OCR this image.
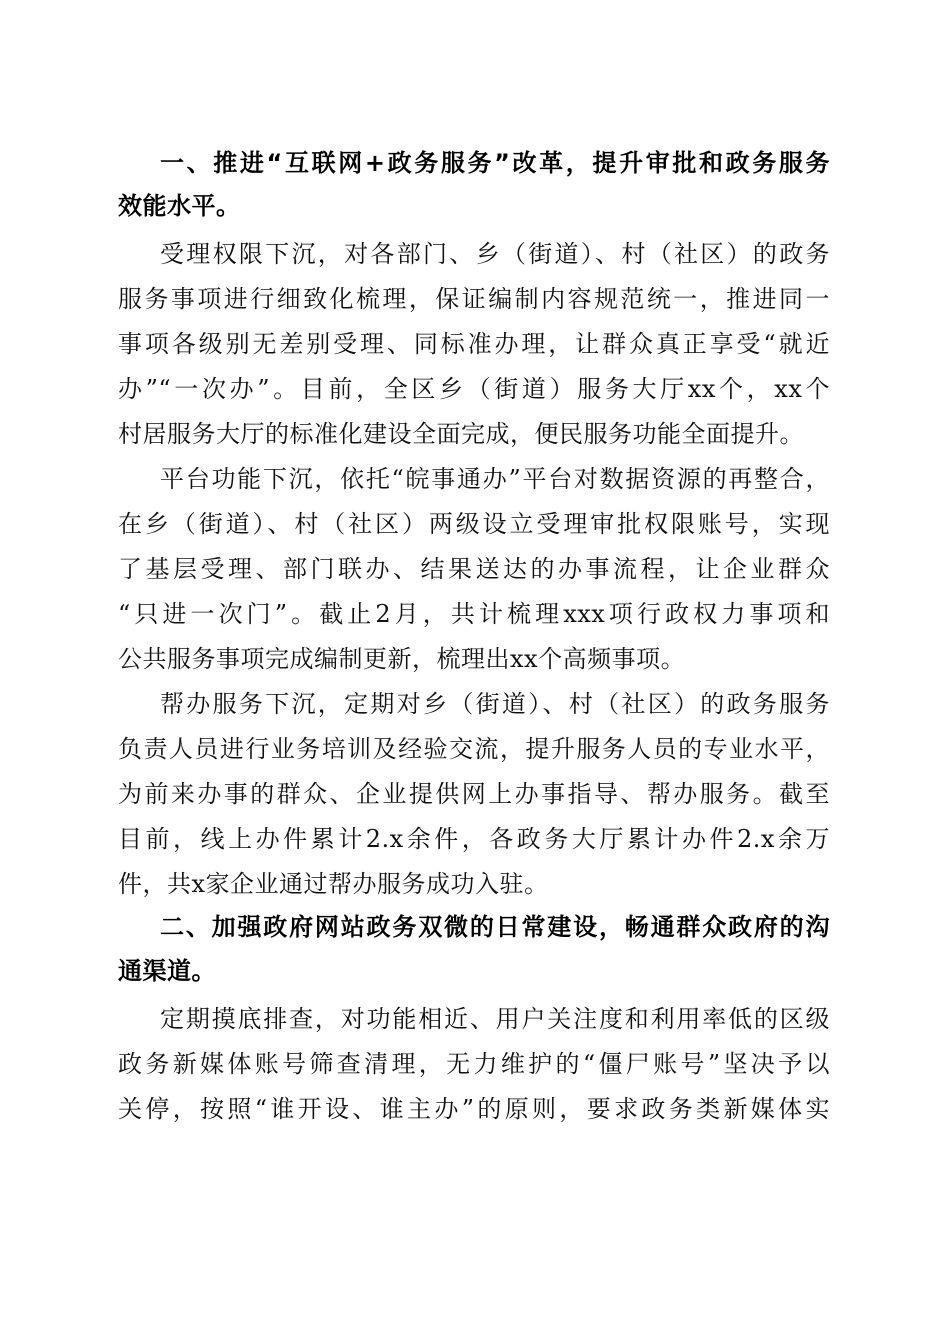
一、推进“互联网+政务服务”改革，提升审批和政务服务
效能水平。
受理权限下沉，对各部门、乡（街道）、村（社区）的政务
服务事项进行细致化梳理，保证编制内容规范统一，推进同一
事项各级别无差别受理、同标准办理，让群众真正享受“就近
办”“一次办”。目前，全区乡（街道）服务大厅xx个，xx个
村居服务大厅的标准化建设全面完成，便民服务功能全面提升。
平台功能下沉，依托“皖事通办”平台对数据资源的再整合，
在乡（街道）、村（社区）两级设立受理审批权限账号，实现
了基层受理、部门联办、结果送达的办事流程，让企业群众
“只进一次门”。截止2月，共计梳理xxx项行政权力事项和
公共服务事项完成编制更新，梳理出xx个高频事项。
帮办服务下沉，定期对乡（街道）、村（社区）的政务服务
负责人员进行业务培训及经验交流，提升服务人员的专业水平，
为前来办事的群众、企业提供网上办事指导、帮办服务。截至
目前，线上办件累计2.x余件，各政务大厅累计办件2.x余万
件，共x家企业通过帮办服务成功入驻。
二、加强政府网站政务双微的日常建设，畅通群众政府的沟
通渠道。
定期摸底排查，对功能相近、用户关注度和利用率低的区级
政务新媒体账号筛查清理，无力维护的“僵尸账号”坚决予以
关停，按照“谁开设、谁主办”的原则，要求政务类新媒体实
